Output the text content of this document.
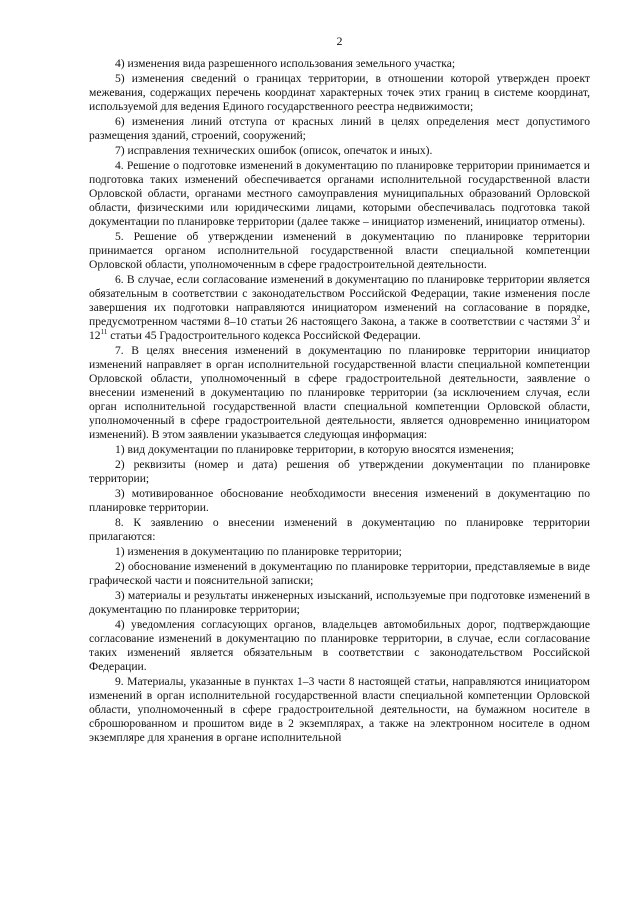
2

4) изменения вида разрешенного использования земельного участка;

5) изменения сведений о границах территории, в отношении которой утвержден проект межевания, содержащих перечень координат характерных точек этих границ в системе координат, используемой для ведения Единого государственного реестра недвижимости;

6) изменения линий отступа от красных линий в целях определения мест допустимого размещения зданий, строений, сооружений;

7) исправления технических ошибок (описок, опечаток и иных).

4. Решение о подготовке изменений в документацию по планировке территории принимается и подготовка таких изменений обеспечивается органами исполнительной государственной власти Орловской области, органами местного самоуправления муниципальных образований Орловской области, физическими или юридическими лицами, которыми обеспечивалась подготовка такой документации по планировке территории (далее также – инициатор изменений, инициатор отмены).

5. Решение об утверждении изменений в документацию по планировке территории принимается органом исполнительной государственной власти специальной компетенции Орловской области, уполномоченным в сфере градостроительной деятельности.

6. В случае, если согласование изменений в документацию по планировке территории является обязательным в соответствии с законодательством Российской Федерации, такие изменения после завершения их подготовки направляются инициатором изменений на согласование в порядке, предусмотренном частями 8–10 статьи 26 настоящего Закона, а также в соответствии с частями $3^2$ и $12^{11}$ статьи 45 Градостроительного кодекса Российской Федерации.

7. В целях внесения изменений в документацию по планировке территории инициатор изменений направляет в орган исполнительной государственной власти специальной компетенции Орловской области, уполномоченный в сфере градостроительной деятельности, заявление о внесении изменений в документацию по планировке территории (за исключением случая, если орган исполнительной государственной власти специальной компетенции Орловской области, уполномоченный в сфере градостроительной деятельности, является одновременно инициатором изменений). В этом заявлении указывается следующая информация:

1) вид документации по планировке территории, в которую вносятся изменения;

2) реквизиты (номер и дата) решения об утверждении документации по планировке территории;

3) мотивированное обоснование необходимости внесения изменений в документацию по планировке территории.

8. К заявлению о внесении изменений в документацию по планировке территории прилагаются:

1) изменения в документацию по планировке территории;

2) обоснование изменений в документацию по планировке территории, представляемые в виде графической части и пояснительной записки;

3) материалы и результаты инженерных изысканий, используемые при подготовке изменений в документацию по планировке территории;

4) уведомления согласующих органов, владельцев автомобильных дорог, подтверждающие согласование изменений в документацию по планировке территории, в случае, если согласование таких изменений является обязательным в соответствии с законодательством Российской Федерации.

9. Материалы, указанные в пунктах 1–3 части 8 настоящей статьи, направляются инициатором изменений в орган исполнительной государственной власти специальной компетенции Орловской области, уполномоченный в сфере градостроительной деятельности, на бумажном носителе в сброшюрованном и прошитом виде в 2 экземплярах, а также на электронном носителе в одном экземпляре для хранения в органе исполнительной
